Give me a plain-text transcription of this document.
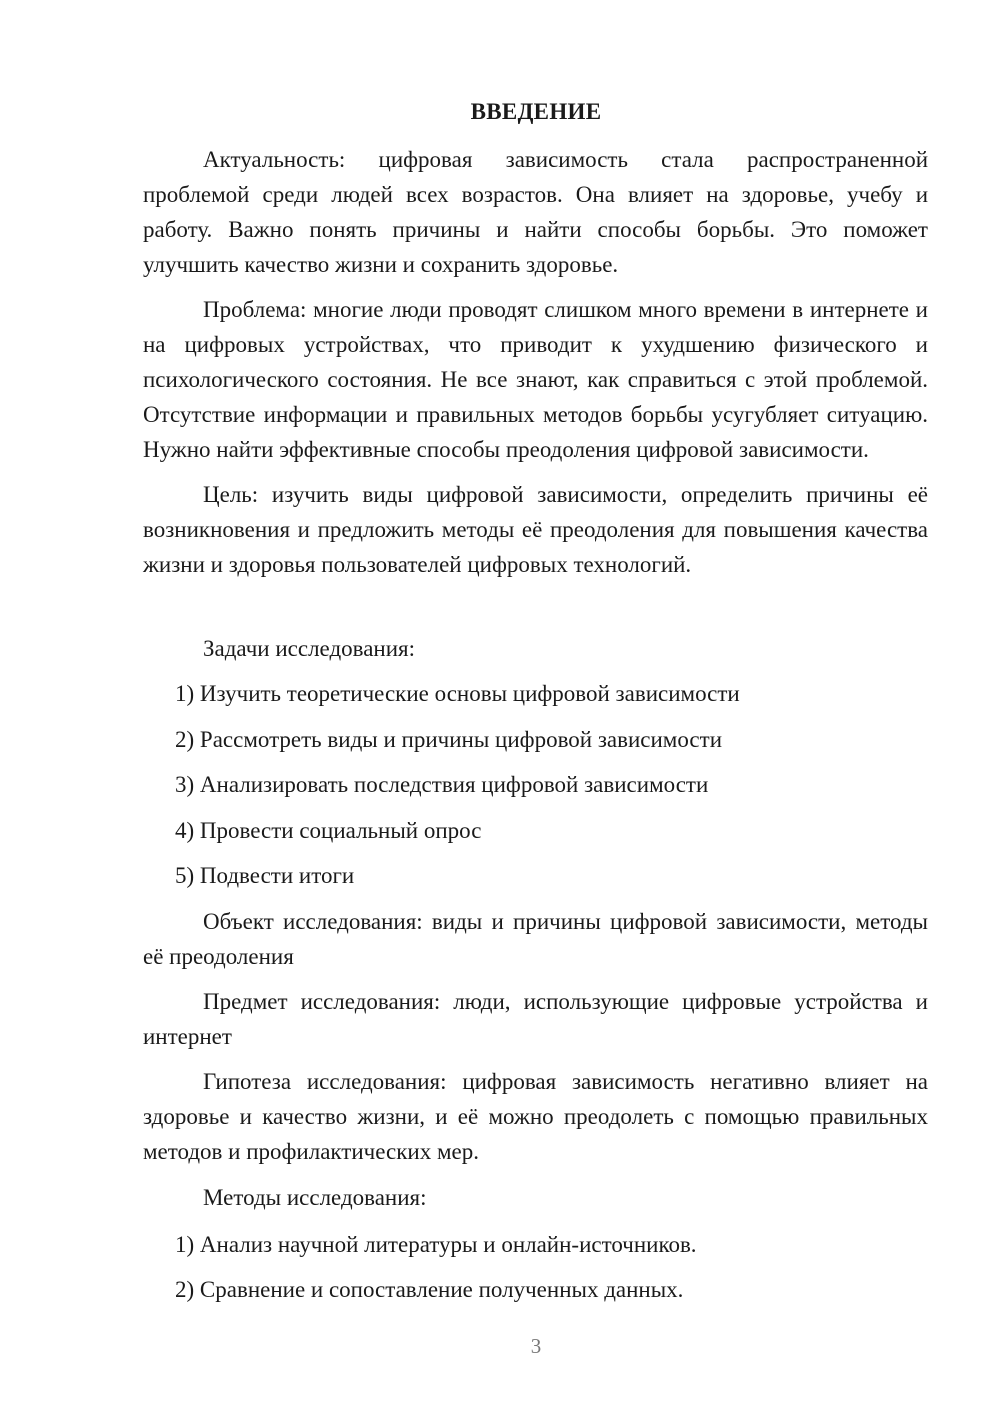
ВВЕДЕНИЕ

Актуальность: цифровая зависимость стала распространенной проблемой среди людей всех возрастов. Она влияет на здоровье, учебу и работу. Важно понять причины и найти способы борьбы. Это поможет улучшить качество жизни и сохранить здоровье.

Проблема: многие люди проводят слишком много времени в интернете и на цифровых устройствах, что приводит к ухудшению физического и психологического состояния. Не все знают, как справиться с этой проблемой. Отсутствие информации и правильных методов борьбы усугубляет ситуацию. Нужно найти эффективные способы преодоления цифровой зависимости.

Цель: изучить виды цифровой зависимости, определить причины её возникновения и предложить методы её преодоления для повышения качества жизни и здоровья пользователей цифровых технологий.

Задачи исследования:

1) Изучить теоретические основы цифровой зависимости
2) Рассмотреть виды и причины цифровой зависимости
3) Анализировать последствия цифровой зависимости
4) Провести социальный опрос
5) Подвести итоги

Объект исследования: виды и причины цифровой зависимости, методы её преодоления

Предмет исследования: люди, использующие цифровые устройства и интернет

Гипотеза исследования: цифровая зависимость негативно влияет на здоровье и качество жизни, и её можно преодолеть с помощью правильных методов и профилактических мер.

Методы исследования:

1) Анализ научной литературы и онлайн-источников.
2) Сравнение и сопоставление полученных данных.
3
